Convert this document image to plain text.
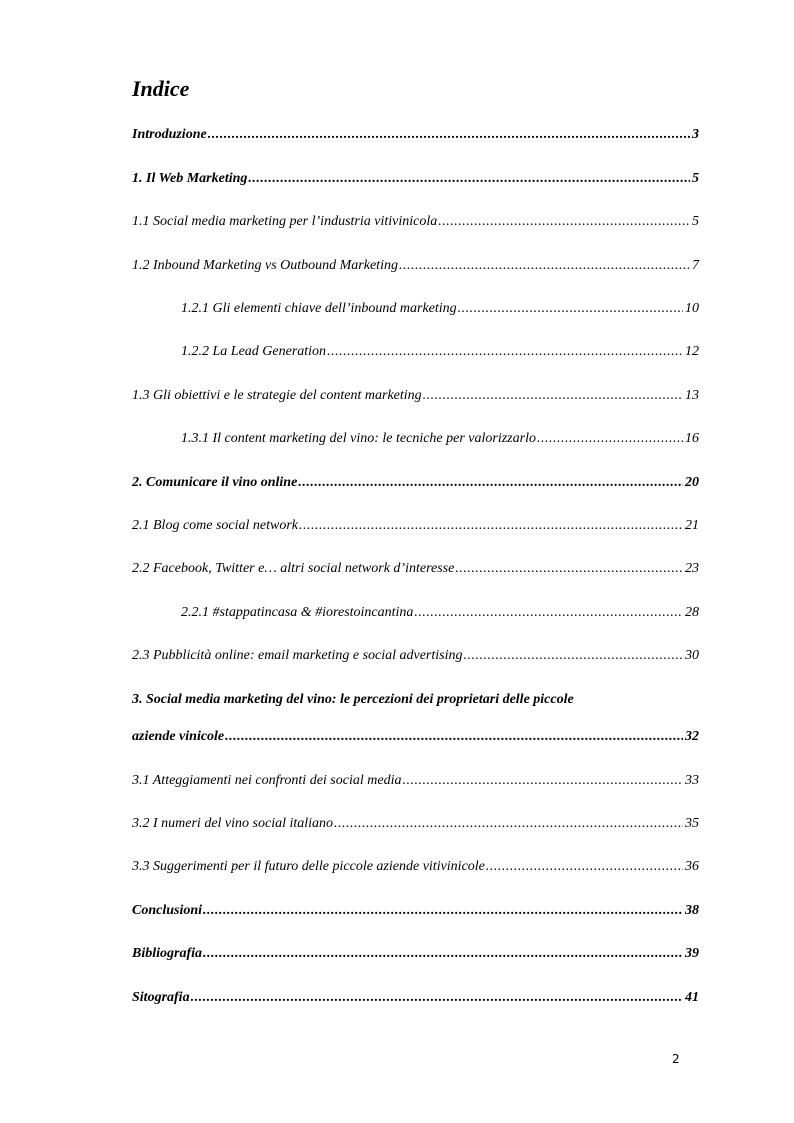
Indice
Introduzione .....	3
1. Il Web Marketing .....	5
1.1 Social media marketing per l’industria vitivinicola .....	5
1.2 Inbound Marketing vs Outbound Marketing .....	7
1.2.1 Gli elementi chiave dell’inbound marketing .....	10
1.2.2 La Lead Generation .....	12
1.3 Gli obiettivi e le strategie del content marketing .....	13
1.3.1 Il content marketing del vino: le tecniche per valorizzarlo .....	16
2. Comunicare il vino online .....	20
2.1 Blog come social network .....	21
2.2 Facebook, Twitter e… altri social network d’interesse .....	23
2.2.1 #stappatincasa & #iorestoincantina .....	28
2.3 Pubblicità online: email marketing e social advertising .....	30
3. Social media marketing del vino: le percezioni dei proprietari delle piccole
aziende vinicole .....	32
3.1 Atteggiamenti nei confronti dei social media .....	33
3.2 I numeri del vino social italiano .....	35
3.3 Suggerimenti per il futuro delle piccole aziende vitivinicole .....	36
Conclusioni .....	38
Bibliografia .....	39
Sitografia .....	41
2
